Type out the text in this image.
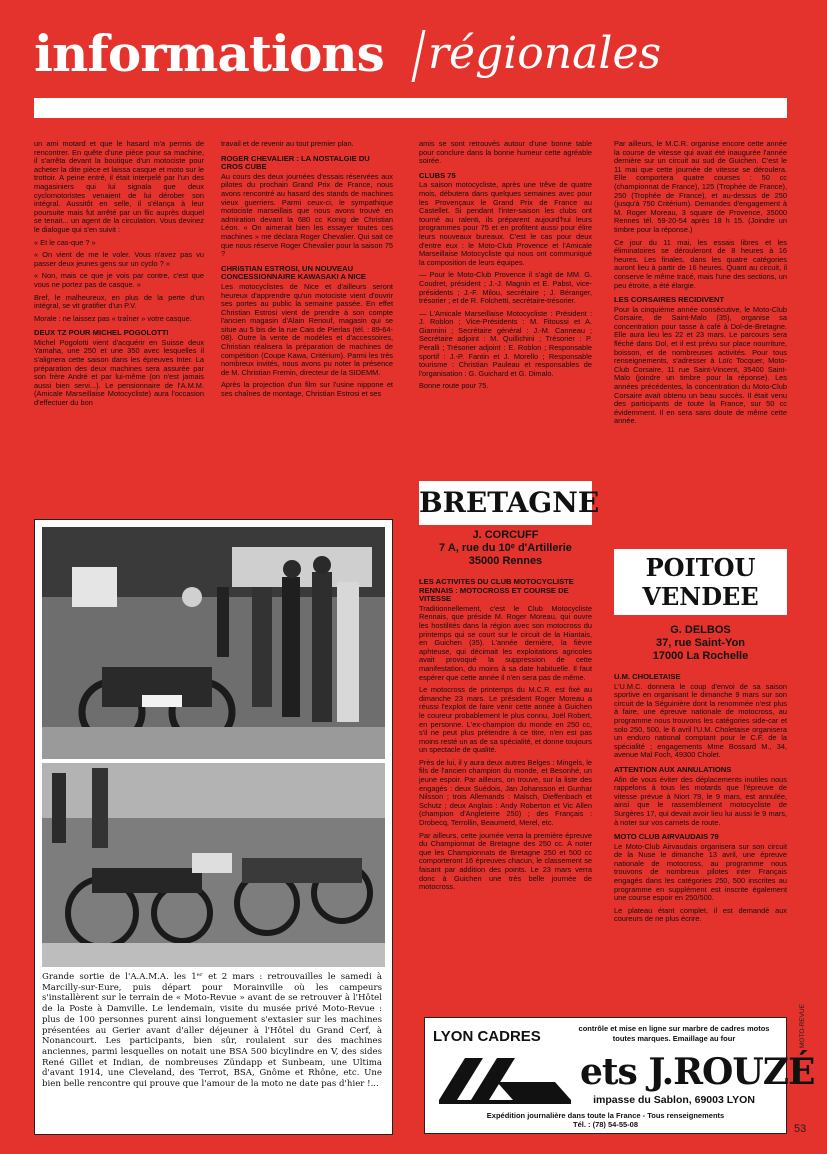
informations régionales

un ami motard et que le hasard m'a permis de rencontrer. En quête d'une pièce pour sa machine, il s'arrêta devant la boutique d'un motociste pour acheter la dite pièce et laissa casque et moto sur le trottoir. A peine entré, il était interpelé par l'un des magasiniers qui lui signala que deux cyclomotoristes venaient de lui dérober son intégral. Aussitôt en selle, il s'élança à leur poursuite mais fut arrêté par un flic auprès duquel se tenait... un agent de la circulation. Vous devinez le dialogue qui s'en suivit :

« Et le cas-que ? »

« On vient de me le voler. Vous n'avez pas vu passer deux jeunes gens sur un cyclo ? »

« Non, mais ce que je vois par contre, c'est que vous ne portez pas de casque. »

Bref, le malheureux, en plus de la perte d'un intégral, se vit gratifier d'un P.V.

Morale : ne laissez pas « traîner » votre casque.

DEUX TZ POUR MICHEL POGOLOTTI

Michel Pogolotti vient d'acquérir en Suisse deux Yamaha, une 250 et une 350 avec lesquelles il s'alignera cette saison dans les épreuves Inter. La préparation des deux machines sera assurée par son frère André et par lui-même (on n'est jamais aussi bien servi...). Le pensionnaire de l'A.M.M. (Amicale Marseillaise Motocycliste) aura l'occasion d'effectuer du bon

travail et de revenir au tout premier plan.

ROGER CHEVALIER : LA NOSTALGIE DU CROS CUBE

Au cours des deux journées d'essais réservées aux pilotes du prochain Grand Prix de France, nous avons rencontré au hasard des stands de machines vieux guerriers. Parmi ceux-ci, le sympathique motociste marseillais que nous avons trouvé en admiration devant la 680 cc Konig de Christian Léon. « On aimerait bien les essayer toutes ces machines » me déclara Roger Chevalier. Qui sait ce que nous réserve Roger Chevalier pour la saison 75 ?

CHRISTIAN ESTROSI, UN NOUVEAU CONCESSIONNAIRE KAWASAKI A NICE

Les motocyclistes de Nice et d'ailleurs seront heureux d'apprendre qu'un motociste vient d'ouvrir ses portes au public la semaine passée. En effet Christian Estrosi vient de prendre à son compte l'ancien magasin d'Alain Renouf, magasin qui se situe au 5 bis de la rue Cais de Pierlas (tél. : 89-64-08). Outre la vente de modèles et d'accessoires, Christian réalisera la préparation de machines de compétition (Coupe Kawa, Critérium). Parmi les très nombreux invités, nous avons pu noter la présence de M. Christian Fremin, directeur de la SIDEMM.

Après la projection d'un film sur l'usine nippone et ses chaînes de montage, Christian Estrosi et ses

Grande sortie de l'A.A.M.A. les 1ᵉʳ et 2 mars : retrouvailles le samedi à Marcilly-sur-Eure, puis départ pour Morainville où les campeurs s'installèrent sur le terrain de « Moto-Revue » avant de se retrouver à l'Hôtel de la Poste à Damville. Le lendemain, visite du musée privé Moto-Revue : plus de 100 personnes purent ainsi longuement s'extasier sur les machines présentées au Gerier avant d'aller déjeuner à l'Hôtel du Grand Cerf, à Nonancourt. Les participants, bien sûr, roulaient sur des machines anciennes, parmi lesquelles on notait une BSA 500 bicylindre en V, des sides René Gillet et Indian, de nombreuses Zündapp et Sunbeam, une Ultima d'avant 1914, une Cleveland, des Terrot, BSA, Gnôme et Rhône, etc. Une bien belle rencontre qui prouve que l'amour de la moto ne date pas d'hier !...

amis se sont retrouvés autour d'une bonne table pour conclure dans la bonne humeur cette agréable soirée.

CLUBS 75

La saison motocycliste, après une trêve de quatre mois, débutera dans quelques semaines avec pour les Provençaux le Grand Prix de France au Castellet. Si pendant l'inter-saison les clubs ont tourné au ralenti, ils préparent aujourd'hui leurs programmes pour 75 et en profitent aussi pour élire leurs nouveaux bureaux. C'est le cas pour deux d'entre eux : le Moto-Club Provence et l'Amicale Marseillaise Motocycliste qui nous ont communiqué la composition de leurs équipes.

— Pour le Moto-Club Provence il s'agit de MM. G. Coudret, président ; J.-J. Magnin et E. Pabst, vice-présidents ; J.-F. Milou, secrétaire ; J. Béranger, trésorier ; et de R. Folchetti, secrétaire-trésorier.

— L'Amicale Marseillaise Motocycliste : Président : J. Roblon ; Vice-Présidents : M. Fitoussi et A. Giannini ; Secrétaire général : J.-M. Canneau ; Secrétaire adjoint : M. Quillichini ; Trésorier : P. Peralli ; Trésorier adjoint : E. Roblon ; Responsable sportif : J.-P. Fantin et J. Morello ; Responsable tourisme : Christian Pauleau et responsables de l'organisation : G. Guichard et G. Dimalo.

Bonne route pour 75.

BRETAGNE
J. CORCUFF
7 A, rue du 10ᵉ d'Artillerie
35000 Rennes
LES ACTIVITES DU CLUB MOTOCYCLISTE RENNAIS : MOTOCROSS ET COURSE DE VITESSE

Traditionnellement, c'est le Club Motocycliste Rennais, que préside M. Roger Moreau, qui ouvre les hostilités dans la région avec son motocross du printemps qui se court sur le circuit de la Hiantais, en Guichen (35). L'année dernière, la fièvre aphteuse, qui décimait les exploitations agricoles avait provoqué la suppression de cette manifestation, du moins à sa date habituelle. Il faut espérer que cette année il n'en sera pas de même.

Le motocross de printemps du M.C.R. est fixé au dimanche 23 mars. Le président Roger Moreau a réussi l'exploit de faire venir cette année à Guichen le coureur probablement le plus connu, Joël Robert, en personne. L'ex-champion du monde en 250 cc, s'il ne peut plus prétendre à ce titre, n'en est pas moins resté un as de sa spécialité, et donne toujours un spectacle de qualité.

Près de lui, il y aura deux autres Belges : Mingels, le fils de l'ancien champion du monde, et Besonhé, un jeune espoir. Par ailleurs, on trouve, sur la liste des engagés : deux Suédois, Jan Johansson et Gunhar Nilsson ; trois Allemands : Malsch, Dieffenbach et Schutz ; deux Anglais : Andy Roberton et Vic Allen (champion d'Angleterre 250) ; des Français : Drobecq, Terrollin, Beaumerd, Merel, etc.

Par ailleurs, cette journée verra la première épreuve du Championnat de Bretagne des 250 cc. A noter que les Championnats de Bretagne 250 et 500 cc comporteront 16 épreuves chacun, le classement se faisant par addition des points. Le 23 mars verra donc à Guichen une très belle journée de motocross.

Par ailleurs, le M.C.R. organise encore cette année la course de vitesse qui avait été inaugurée l'année dernière sur un circuit au sud de Guichen. C'est le 11 mai que cette journée de vitesse se déroulera. Elle comportera quatre courses : 50 cc (championnat de France), 125 (Trophée de France), 250 (Trophée de France), et au-dessus de 250 (jusqu'à 750 Critérium). Demandes d'engagement à M. Roger Moreau, 3 square de Provence, 35000 Rennes tél. 59-20-54 après 18 h 15. (Joindre un timbre pour la réponse.)

Ce jour du 11 mai, les essais libres et les éliminatoires se dérouleront de 8 heures à 16 heures. Les finales, dans les quatre catégories auront lieu à partir de 16 heures. Quant au circuit, il conserve le même tracé, mais l'une des sections, un peu étroite, a été élargie.

LES CORSAIRES RECIDIVENT

Pour la cinquième année consécutive, le Moto-Club Corsaire, de Saint-Malo (35), organise sa concentration pour tasse à café à Dol-de-Bretagne. Elle aura lieu les 22 et 23 mars. Le parcours sera fléché dans Dol, et il est prévu sur place nourriture, boisson, et de nombreuses activités. Pour tous renseignements, s'adresser à Loïc Tocquer, Moto-Club Corsaire, 11 rue Saint-Vincent, 35400 Saint-Malo (joindre un timbre pour la réponse). Les années précédentes, la concentration du Moto-Club Corsaire avait obtenu un beau succès. Il était venu des participants de toute la France, sur 50 cc évidemment. Il en sera sans doute de même cette année.

POITOU
VENDEE
G. DELBOS
37, rue Saint-Yon
17000 La Rochelle
U.M. CHOLETAISE

L'U.M.C. donnera le coup d'envoi de sa saison sportive en organisant le dimanche 9 mars sur son circuit de la Séguinière dont la renommée n'est plus à faire, une épreuve nationale de motocross, au programme nous trouvons les catégories side-car et solo 250, 500, le 6 avril l'U.M. Choletaise organisera un enduro national comptant pour le C.F. de la spécialité ; engagements Mme Bossard M., 34, avenue Mal Foch, 49300 Cholet.

ATTENTION AUX ANNULATIONS

Afin de vous éviter des déplacements inutiles nous rappelons à tous les motards que l'épreuve de vitesse prévue à Niort 79, le 9 mars, est annulée, ainsi que le rassemblement motocycliste de Surgères 17, qui devait avoir lieu lui aussi le 9 mars, à noter sur vos carnets de route.

MOTO CLUB AIRVAUDAIS 79

Le Moto-Club Airvaudais organisera sur son circuit de la Nuse le dimanche 13 avril, une épreuve nationale de motocross, au programme nous trouvons de nombreux pilotes inter Français engagés dans les catégories 250, 500 inscrites au programme en supplément est inscrite également une course espoir en 250/500.

Le plateau étant complet, il est demandé aux coureurs de ne plus écrire.

LYON CADRES	contrôle et mise en ligne sur marbre de cadres motos toutes marques. Emaillage au four
ets J.ROUZÉ
impasse du Sablon, 69003 LYON
Expédition journalière dans toute la France - Tous renseignements
Tél. : (78) 54-55-08
MOTO-REVUE
53
